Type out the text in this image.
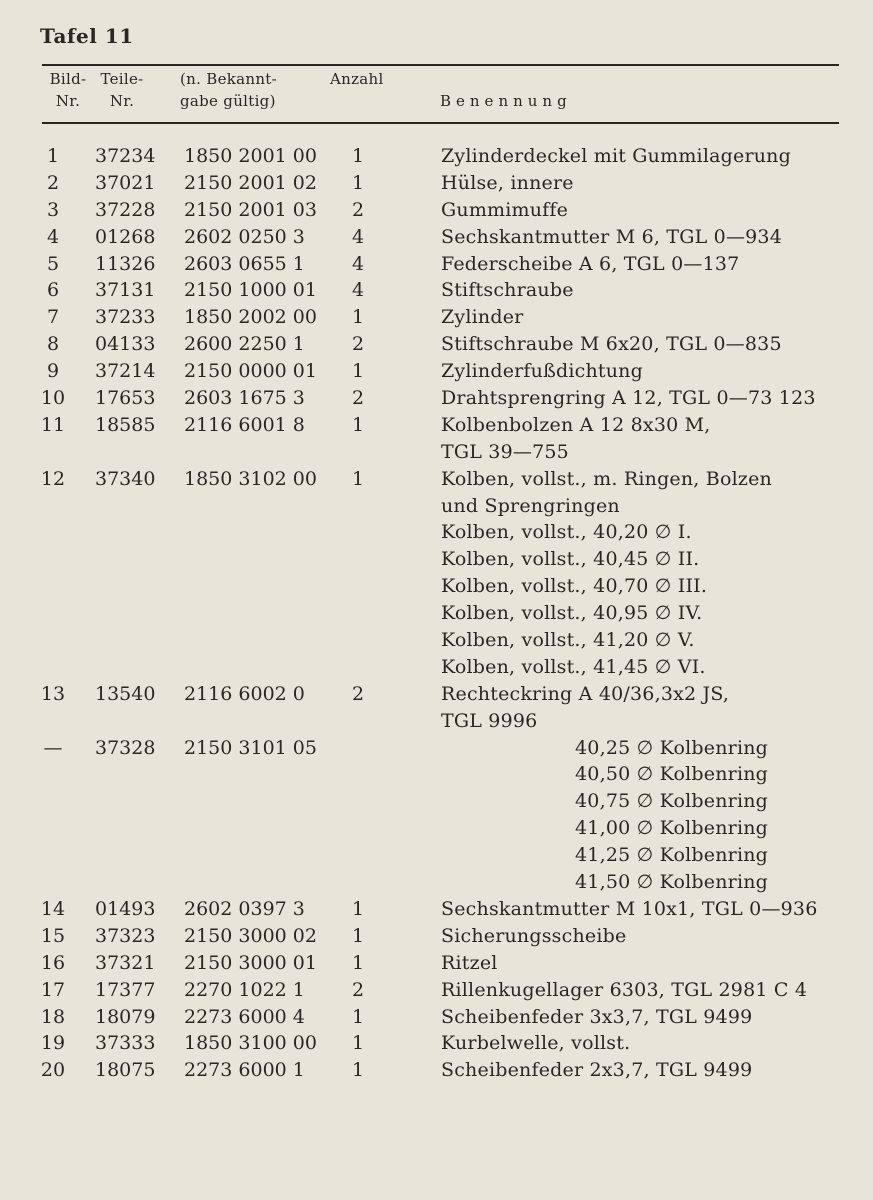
Tafel 11
Bild-
Nr.
Teile-
Nr.
(n. Bekannt-
gabe gültig)
Anzahl
Benennung
1	37234 1850 2001 00 1	Zylinderdeckel mit Gummilagerung
2	37021 2150 2001 02 1	Hülse, innere
3	37228 2150 2001 03 2	Gummimuffe
4	01268 2602 0250 3 4	Sechskantmutter M 6, TGL 0—934
5	11326 2603 0655 1 4	Federscheibe A 6, TGL 0—137
6	37131 2150 1000 01 4	Stiftschraube
7	37233 1850 2002 00 1	Zylinder
8	04133 2600 2250 1 2	Stiftschraube M 6x20, TGL 0—835
9	37214 2150 0000 01 1	Zylinderfußdichtung
10	17653 2603 1675 3 2	Drahtsprengring A 12, TGL 0—73 123
11	18585 2116 6001 8 1	Kolbenbolzen A 12 8x30 M,
TGL 39—755
12	37340 1850 3102 00 1	Kolben, vollst., m. Ringen, Bolzen
und Sprengringen
Kolben, vollst., 40,20 ∅ I.
Kolben, vollst., 40,45 ∅ II.
Kolben, vollst., 40,70 ∅ III.
Kolben, vollst., 40,95 ∅ IV.
Kolben, vollst., 41,20 ∅ V.
Kolben, vollst., 41,45 ∅ VI.
13	13540 2116 6002 0 2	Rechteckring A 40/36,3x2 JS,
TGL 9996
—	37328 2150 3101 05	40,25 ∅ Kolbenring
40,50 ∅ Kolbenring
40,75 ∅ Kolbenring
41,00 ∅ Kolbenring
41,25 ∅ Kolbenring
41,50 ∅ Kolbenring
14	01493 2602 0397 3 1	Sechskantmutter M 10x1, TGL 0—936
15	37323 2150 3000 02 1	Sicherungsscheibe
16	37321 2150 3000 01 1	Ritzel
17	17377 2270 1022 1 2	Rillenkugellager 6303, TGL 2981 C 4
18	18079 2273 6000 4 1	Scheibenfeder 3x3,7, TGL 9499
19	37333 1850 3100 00 1	Kurbelwelle, vollst.
20	18075 2273 6000 1 1	Scheibenfeder 2x3,7, TGL 9499
